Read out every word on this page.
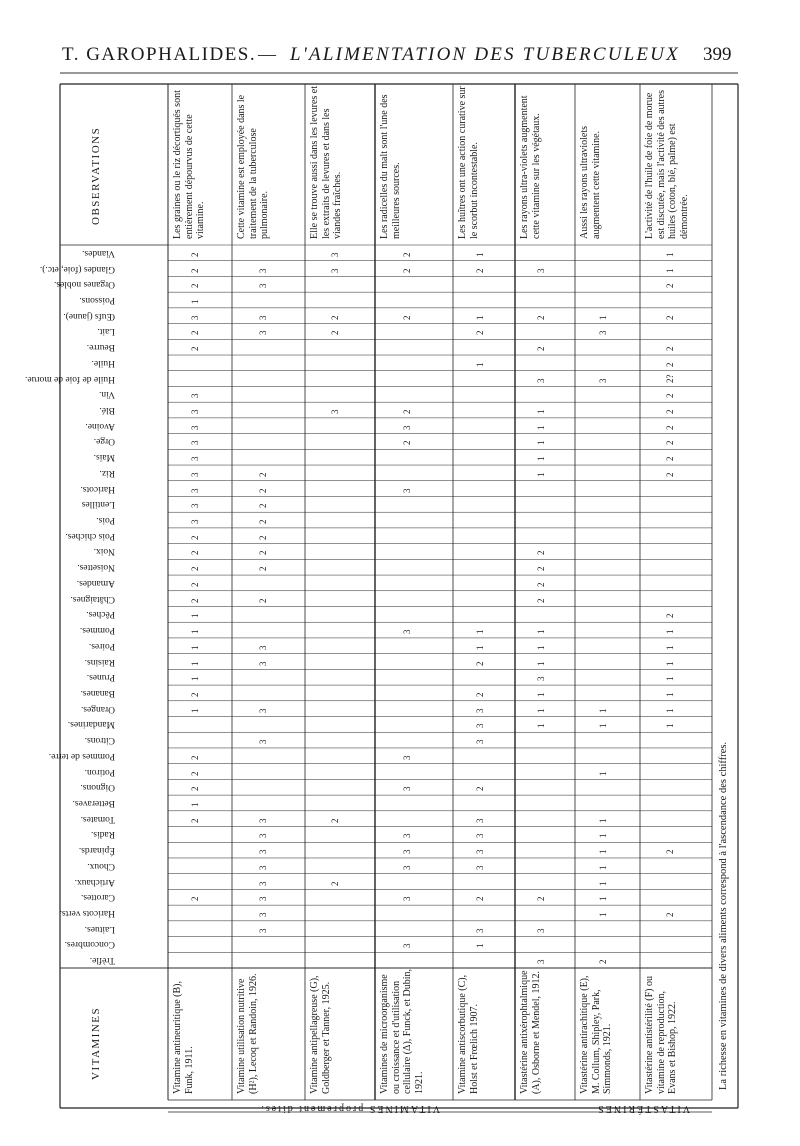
T. GAROPHALIDES. — L'ALIMENTATION DES TUBERCULEUX 399
OBSERVATIONS
VITAMINES
Viandes.
Glandes (foie, etc.).
Organes nobles.
Poissons.
Œufs (jaune).
Lait.
Beurre.
Huile.
Huile de foie de morue.
Vin.
Blé.
Avoine.
Orge.
Maïs.
Riz.
Haricots.
Lentilles
Pois.
Pois chiches.
Noix.
Noisettes.
Amandes.
Châtaignes.
Pêches.
Pommes.
Poires.
Raisins.
Prunes.
Bananes.
Oranges.
Mandarines.
Citrons.
Pommes de terre.
Potiron.
Oignons.
Betteraves.
Tomates.
Radis.
Épinards.
Choux.
Artichaux.
Carottes.
Haricots verts.
Laitues.
Concombres.
Trèfle.
Vitamine antineuritique (B), Funk, 1911.
Les graines ou le riz décortiqués sont entièrement dépourvus de cette vitamine.
2
2
2
1
3
2
2
3
3
3
3
3
3
3
3
3
2
2
2
2
2
1
1
1
1
1
2
1
2
2
2
1
2
2
Vitamine utilisation nutritive (H²), Lecoq et Randoin, 1926.
Cette vitamine est employée dans le traitement de la tuberculose pulmonaire.
3
3
3
3
2
2
2
2
2
2
2
2
3
3
3
3
3
3
3
3
3
3
3
3
Vitamine antipellagreuse (G), Goldberger et Tanner, 1925.
Elle se trouve aussi dans les levures et les extraits de levures et dans les viandes fraîches.
3
3
2
2
3
2
2
Vitamines de microorganisme ou croissance et d'utilisation cellulaire (Δ), Funck, et Dubin, 1921.
Les radicelles du malt sont l'une des meilleures sources.
2
2
2
2
3
2
3
3
3
3
3
3
3
3
3
Vitamine antiscorbutique (C), Holst et Frœlich 1907.
Les huîtres ont une action curative sur le scorbut incontestable.
1
2
1
2
1
1
1
2
2
3
3
3
2
3
3
3
3
2
3
1
Vitastérine antixérophtalmique (A), Osborne et Mendel, 1912.
Les rayons ultra-violets augmentent cette vitamine sur les végétaux.
3
2
2
3
1
1
1
1
1
2
2
2
2
1
1
1
3
1
1
1
2
3
3
Vitastérine antirachitique (E), M. Collum, Shipley, Park, Simmonds, 1921.
Aussi les rayons ultraviolets augmentent cette vitamine.
1
3
3
1
1
1
1
1
1
1
1
1
1
2
Vitastérine antistérilité (F) ou vitamine de reproduction, Evans et Bishop, 1922.
L'activité de l'huile de foie de morue est discutée, mais l'activité des autres huiles (coton, blé, palme) est démontrée.
1
1
2
2
2
2
2?
2
2
2
2
2
2
2
1
1
1
1
1
1
1
2
2
VITAMINES proprement dites.	VITASTÉRINES
La richesse en vitamines de divers aliments correspond à l'ascendance des chiffres.
